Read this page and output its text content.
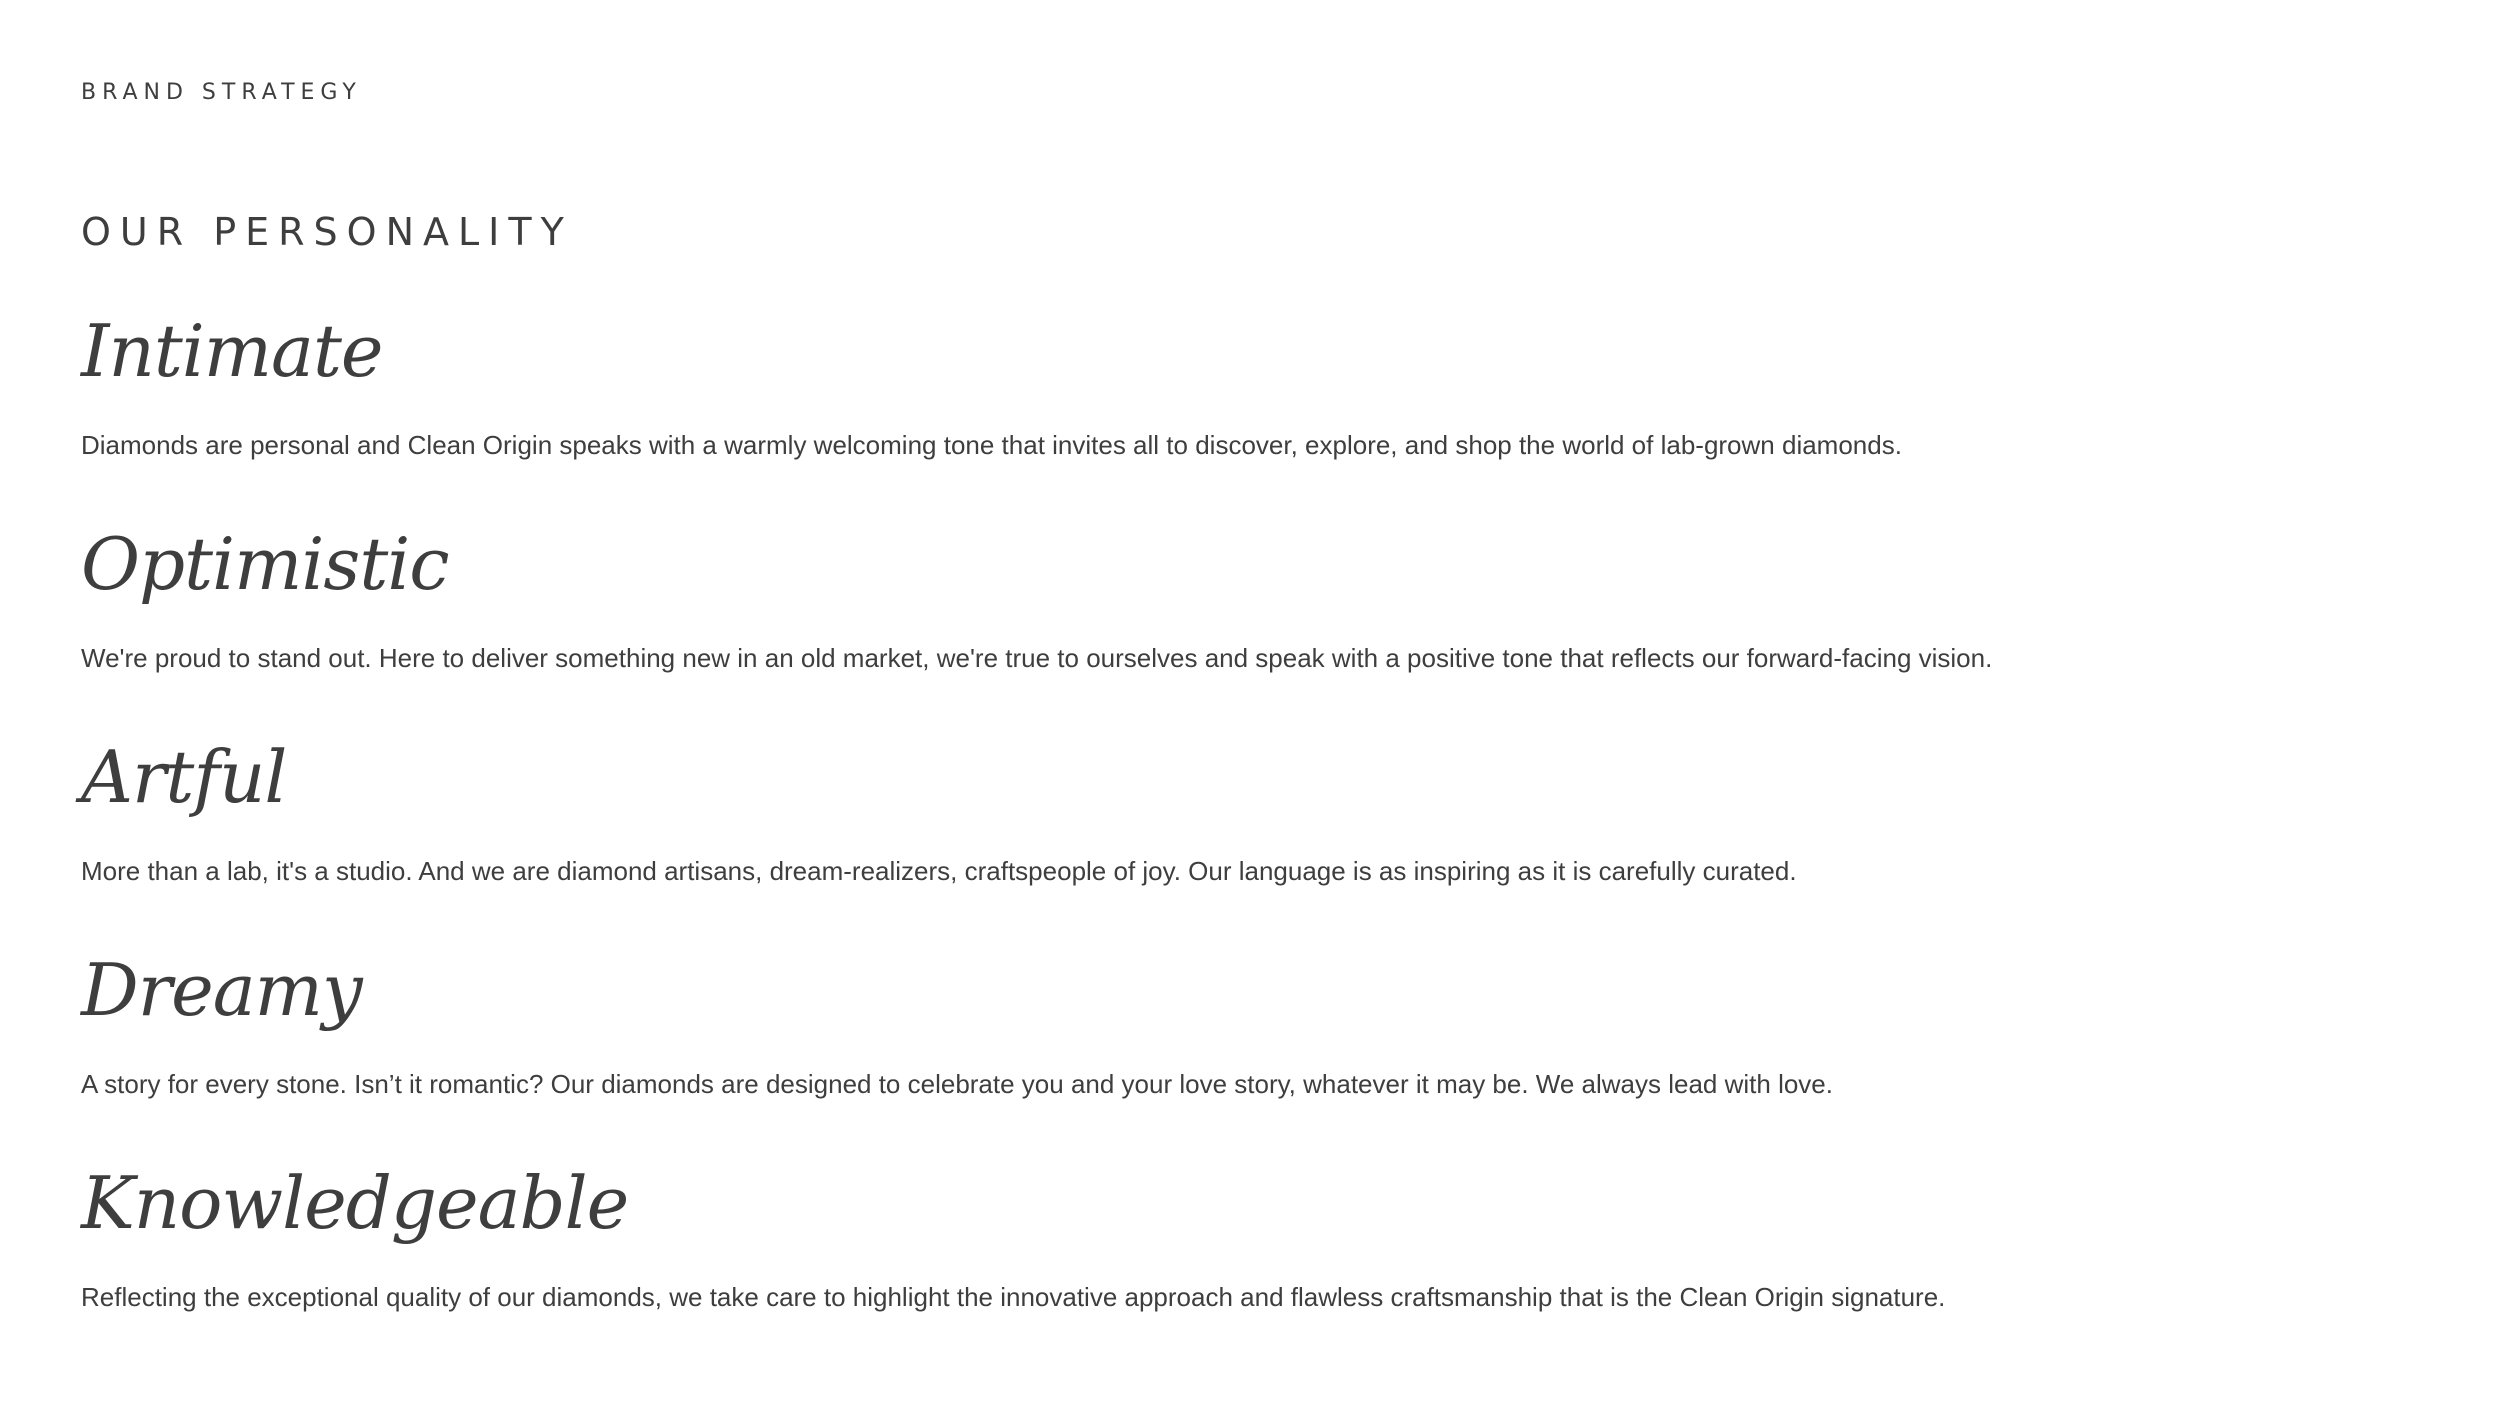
BRAND STRATEGY

OUR PERSONALITY
Intimate

Diamonds are personal and Clean Origin speaks with a warmly welcoming tone that invites all to discover, explore, and shop the world of lab-grown diamonds.

Optimistic

We're proud to stand out. Here to deliver something new in an old market, we're true to ourselves and speak with a positive tone that reflects our forward-facing vision.

Artful

More than a lab, it's a studio. And we are diamond artisans, dream-realizers, craftspeople of joy. Our language is as inspiring as it is carefully curated.

Dreamy

A story for every stone. Isn’t it romantic? Our diamonds are designed to celebrate you and your love story, whatever it may be. We always lead with love.

Knowledgeable

Reflecting the exceptional quality of our diamonds, we take care to highlight the innovative approach and flawless craftsmanship that is the Clean Origin signature.
